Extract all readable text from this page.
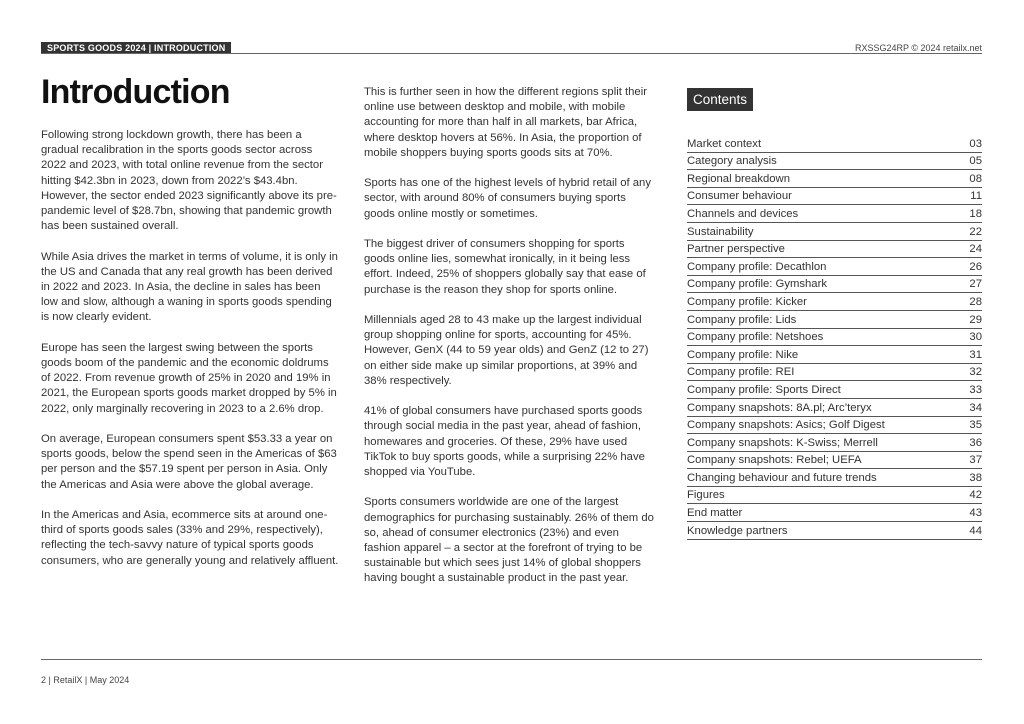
SPORTS GOODS 2024 | INTRODUCTION	RXSSG24RP © 2024 retailx.net
Introduction

Following strong lockdown growth, there has been a gradual recalibration in the sports goods sector across 2022 and 2023, with total online revenue from the sector hitting $42.3bn in 2023, down from 2022’s $43.4bn. However, the sector ended 2023 significantly above its pre-pandemic level of $28.7bn, showing that pandemic growth has been sustained overall.

While Asia drives the market in terms of volume, it is only in the US and Canada that any real growth has been derived in 2022 and 2023. In Asia, the decline in sales has been low and slow, although a waning in sports goods spending is now clearly evident.

Europe has seen the largest swing between the sports goods boom of the pandemic and the economic doldrums of 2022. From revenue growth of 25% in 2020 and 19% in 2021, the European sports goods market dropped by 5% in 2022, only marginally recovering in 2023 to a 2.6% drop.

On average, European consumers spent $53.33 a year on sports goods, below the spend seen in the Americas of $63 per person and the $57.19 spent per person in Asia. Only the Americas and Asia were above the global average.

In the Americas and Asia, ecommerce sits at around one-third of sports goods sales (33% and 29%, respectively), reflecting the tech-savvy nature of typical sports goods consumers, who are generally young and relatively affluent.

This is further seen in how the different regions split their online use between desktop and mobile, with mobile accounting for more than half in all markets, bar Africa, where desktop hovers at 56%. In Asia, the proportion of mobile shoppers buying sports goods sits at 70%.

Sports has one of the highest levels of hybrid retail of any sector, with around 80% of consumers buying sports goods online mostly or sometimes.

The biggest driver of consumers shopping for sports goods online lies, somewhat ironically, in it being less effort. Indeed, 25% of shoppers globally say that ease of purchase is the reason they shop for sports online.

Millennials aged 28 to 43 make up the largest individual group shopping online for sports, accounting for 45%. However, GenX (44 to 59 year olds) and GenZ (12 to 27) on either side make up similar proportions, at 39% and 38% respectively.

41% of global consumers have purchased sports goods through social media in the past year, ahead of fashion, homewares and groceries. Of these, 29% have used TikTok to buy sports goods, while a surprising 22% have shopped via YouTube.

Sports consumers worldwide are one of the largest demographics for purchasing sustainably. 26% of them do so, ahead of consumer electronics (23%) and even fashion apparel – a sector at the forefront of trying to be sustainable but which sees just 14% of global shoppers having bought a sustainable product in the past year.

Contents
Market context	03
Category analysis	05
Regional breakdown	08
Consumer behaviour	11
Channels and devices	18
Sustainability	22
Partner perspective	24
Company profile: Decathlon	26
Company profile: Gymshark	27
Company profile: Kicker	28
Company profile: Lids	29
Company profile: Netshoes	30
Company profile: Nike	31
Company profile: REI	32
Company profile: Sports Direct	33
Company snapshots: 8A.pl; Arc’teryx	34
Company snapshots: Asics; Golf Digest	35
Company snapshots: K-Swiss; Merrell	36
Company snapshots: Rebel; UEFA	37
Changing behaviour and future trends	38
Figures	42
End matter	43
Knowledge partners	44
2 | RetailX | May 2024
